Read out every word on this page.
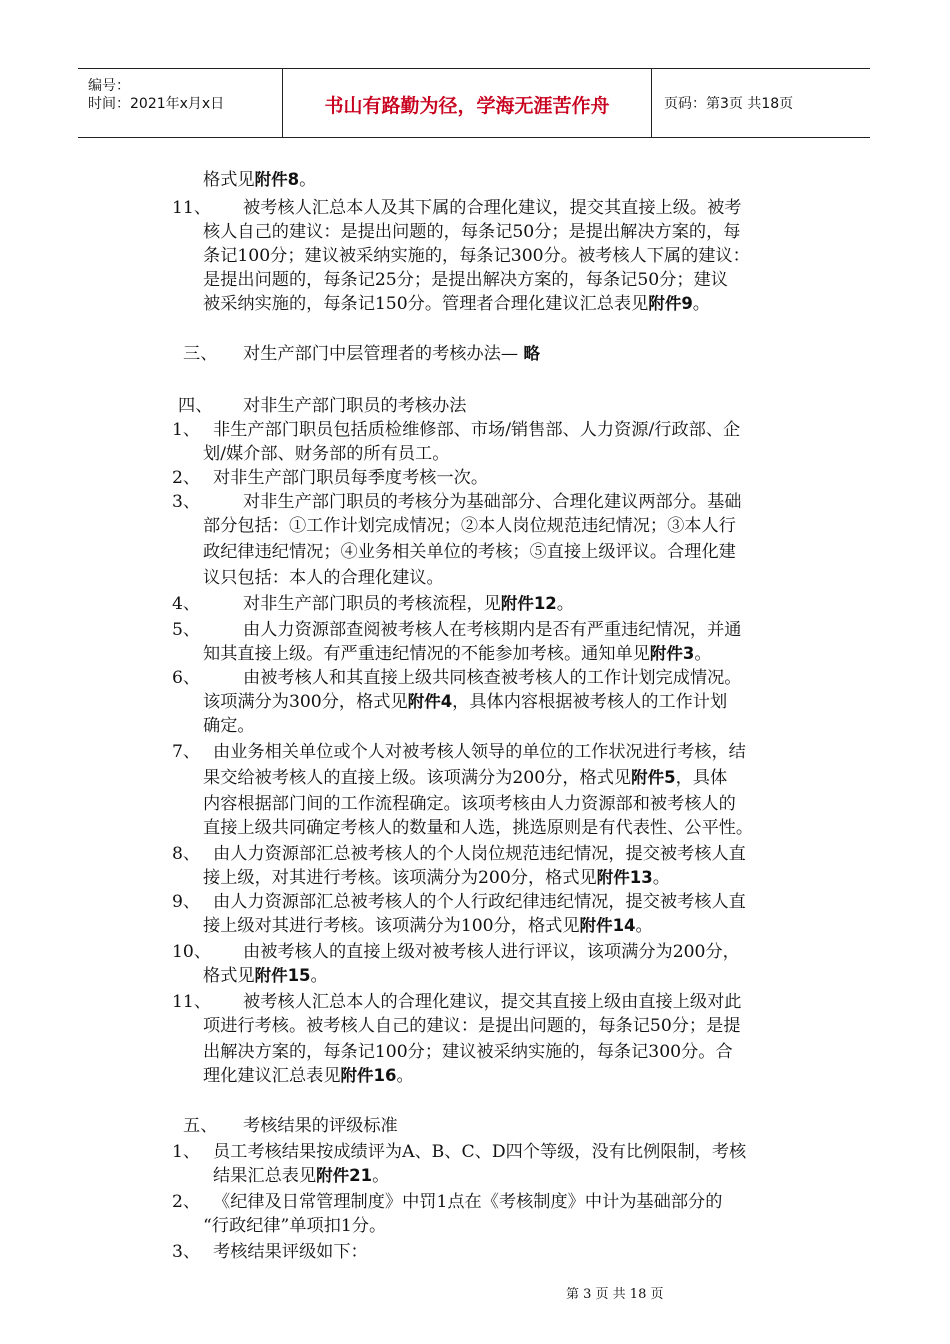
编号：
时间：2021年x月x日	书山有路勤为径，学海无涯苦作舟	页码：第3页 共18页
格式见附件8。
11、 被考核人汇总本人及其下属的合理化建议，提交其直接上级。被考
核人自己的建议：是提出问题的，每条记50分；是提出解决方案的，每
条记100分；建议被采纳实施的，每条记300分。被考核人下属的建议：
是提出问题的，每条记25分；是提出解决方案的，每条记50分；建议
被采纳实施的，每条记150分。管理者合理化建议汇总表见附件9。
三、 对生产部门中层管理者的考核办法— 略
四、 对非生产部门职员的考核办法
1、 非生产部门职员包括质检维修部、市场/销售部、人力资源/行政部、企
划/媒介部、财务部的所有员工。
2、 对非生产部门职员每季度考核一次。
3、 对非生产部门职员的考核分为基础部分、合理化建议两部分。基础
部分包括：①工作计划完成情况；②本人岗位规范违纪情况；③本人行
政纪律违纪情况；④业务相关单位的考核；⑤直接上级评议。合理化建
议只包括：本人的合理化建议。
4、 对非生产部门职员的考核流程，见附件12。
5、 由人力资源部查阅被考核人在考核期内是否有严重违纪情况，并通
知其直接上级。有严重违纪情况的不能参加考核。通知单见附件3。
6、 由被考核人和其直接上级共同核查被考核人的工作计划完成情况。
该项满分为300分，格式见附件4，具体内容根据被考核人的工作计划
确定。
7、 由业务相关单位或个人对被考核人领导的单位的工作状况进行考核，结
果交给被考核人的直接上级。该项满分为200分，格式见附件5，具体
内容根据部门间的工作流程确定。该项考核由人力资源部和被考核人的
直接上级共同确定考核人的数量和人选，挑选原则是有代表性、公平性。
8、 由人力资源部汇总被考核人的个人岗位规范违纪情况，提交被考核人直
接上级，对其进行考核。该项满分为200分，格式见附件13。
9、 由人力资源部汇总被考核人的个人行政纪律违纪情况，提交被考核人直
接上级对其进行考核。该项满分为100分，格式见附件14。
10、 由被考核人的直接上级对被考核人进行评议，该项满分为200分，
格式见附件15。
11、 被考核人汇总本人的合理化建议，提交其直接上级由直接上级对此
项进行考核。被考核人自己的建议：是提出问题的，每条记50分；是提
出解决方案的，每条记100分；建议被采纳实施的，每条记300分。合
理化建议汇总表见附件16。
五、 考核结果的评级标准
1、 员工考核结果按成绩评为A、B、C、D四个等级，没有比例限制，考核
结果汇总表见附件21。
2、 《纪律及日常管理制度》中罚1点在《考核制度》中计为基础部分的
“行政纪律”单项扣1分。
3、 考核结果评级如下：
第 3 页 共 18 页
